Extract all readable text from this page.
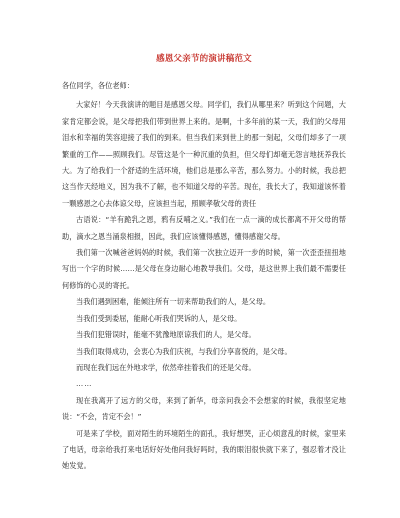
感恩父亲节的演讲稿范文

各位同学，各位老师：

大家好！今天我演讲的题目是感恩父母。同学们，我们从哪里来？听到这个问题，大家肯定都会说，是父母把我们带到世界上来的。是啊，十多年前的某一天，我们的父母用泪水和幸福的笑容迎接了我们的到来。但当我们来到世上的那一刻起，父母们却多了一项繁重的工作——照顾我们。尽管这是个一种沉重的负担，但父母们却毫无怨言地抚养我长大。为了给我们一个舒适的生活环境，他们总是那么辛苦，那么努力。小的时候，我总把这当作天经地义，因为我不了解，也不知道父母的辛苦。现在，我长大了，我知道该怀着一颗感恩之心去体谅父母，应该担当起，照顾孝敬父母的责任

古语说：“羊有跪乳之恩，鸦有反哺之义。”我们在一点一滴的成长都离不开父母的帮助，滴水之恩当涌泉相报，因此，我们应该懂得感恩，懂得感谢父母。

我们第一次喊爸爸妈妈的时候，我们第一次独立迈开一步的时候，第一次歪歪扭扭地写出一个字的时候……是父母在身边耐心地教导我们。父母，是这世界上我们最不需要任何修饰的心灵的寄托。

当我们遇到困难，能倾注所有一切来帮助我们的人，是父母。

当我们受到委屈，能耐心听我们哭诉的人，是父母。

当我们犯错误时，能毫不犹豫地原谅我们的人，是父母。

当我们取得成功，会衷心为我们庆祝，与我们分享喜悦的，是父母。

而现在我们远在外地求学，依然牵挂着我们的还是父母。

……

现在我离开了远方的父母，来到了新华，母亲问我会不会想家的时候，我很坚定地说：“不会，肯定不会！”

可是来了学校，面对陌生的环境陌生的面孔，我好想哭，正心烦意乱的时候，家里来了电话，母亲给我打来电话好好处他问我好吗时，我的眼泪很快就下来了，强忍着才没让她发觉。
